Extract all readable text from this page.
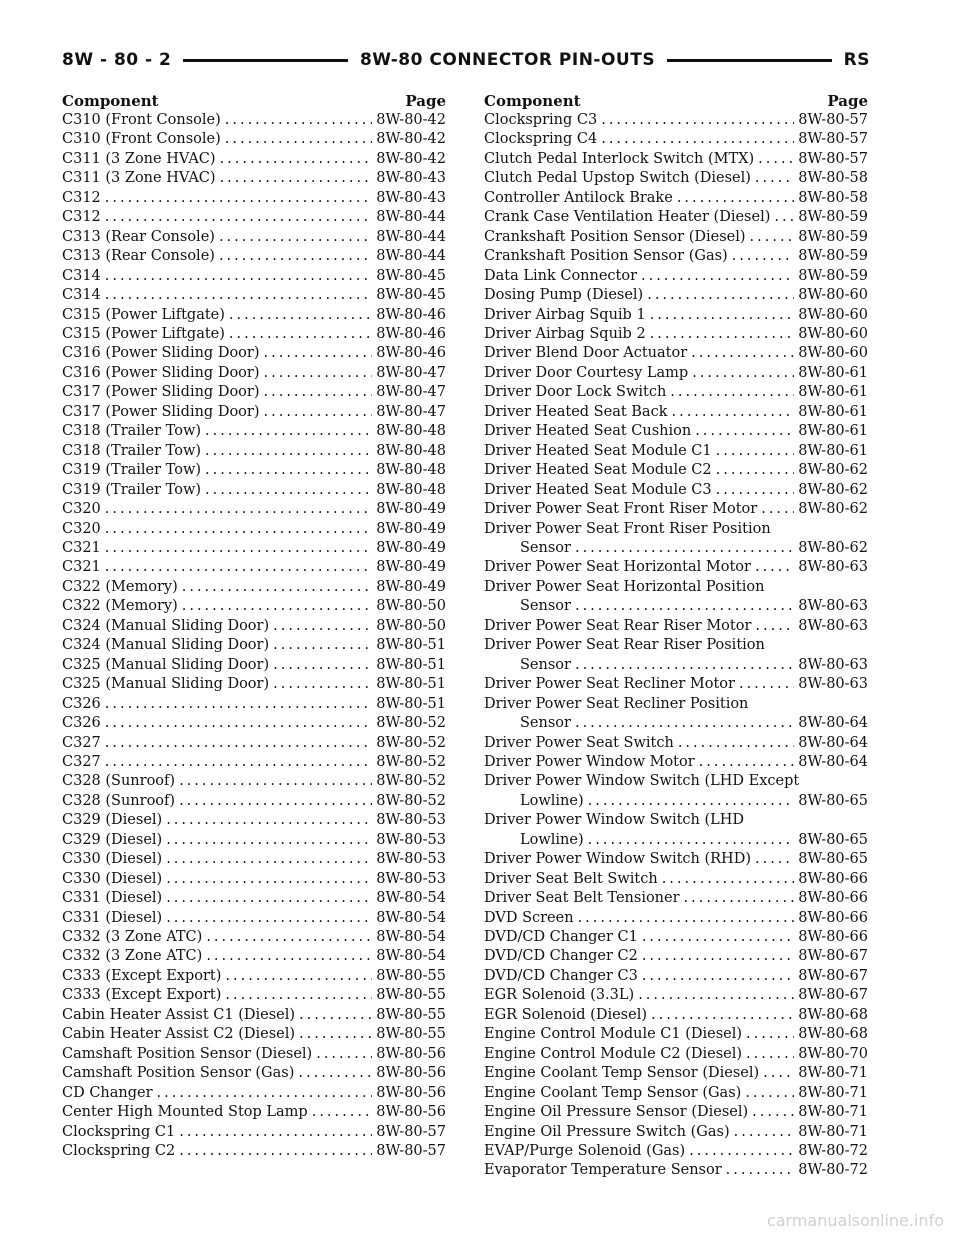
8W - 80 - 2	8W-80 CONNECTOR PIN-OUTS	RS
Component	Page
C310 (Front Console) .....	8W-80-42
C310 (Front Console) .....	8W-80-42
C311 (3 Zone HVAC) .....	8W-80-42
C311 (3 Zone HVAC) .....	8W-80-43
C312 .....	8W-80-43
C312 .....	8W-80-44
C313 (Rear Console) .....	8W-80-44
C313 (Rear Console) .....	8W-80-44
C314 .....	8W-80-45
C314 .....	8W-80-45
C315 (Power Liftgate) .....	8W-80-46
C315 (Power Liftgate) .....	8W-80-46
C316 (Power Sliding Door) .....	8W-80-46
C316 (Power Sliding Door) .....	8W-80-47
C317 (Power Sliding Door) .....	8W-80-47
C317 (Power Sliding Door) .....	8W-80-47
C318 (Trailer Tow) .....	8W-80-48
C318 (Trailer Tow) .....	8W-80-48
C319 (Trailer Tow) .....	8W-80-48
C319 (Trailer Tow) .....	8W-80-48
C320 .....	8W-80-49
C320 .....	8W-80-49
C321 .....	8W-80-49
C321 .....	8W-80-49
C322 (Memory) .....	8W-80-49
C322 (Memory) .....	8W-80-50
C324 (Manual Sliding Door) .....	8W-80-50
C324 (Manual Sliding Door) .....	8W-80-51
C325 (Manual Sliding Door) .....	8W-80-51
C325 (Manual Sliding Door) .....	8W-80-51
C326 .....	8W-80-51
C326 .....	8W-80-52
C327 .....	8W-80-52
C327 .....	8W-80-52
C328 (Sunroof) .....	8W-80-52
C328 (Sunroof) .....	8W-80-52
C329 (Diesel) .....	8W-80-53
C329 (Diesel) .....	8W-80-53
C330 (Diesel) .....	8W-80-53
C330 (Diesel) .....	8W-80-53
C331 (Diesel) .....	8W-80-54
C331 (Diesel) .....	8W-80-54
C332 (3 Zone ATC) .....	8W-80-54
C332 (3 Zone ATC) .....	8W-80-54
C333 (Except Export) .....	8W-80-55
C333 (Except Export) .....	8W-80-55
Cabin Heater Assist C1 (Diesel) .....	8W-80-55
Cabin Heater Assist C2 (Diesel) .....	8W-80-55
Camshaft Position Sensor (Diesel) .....	8W-80-56
Camshaft Position Sensor (Gas) .....	8W-80-56
CD Changer .....	8W-80-56
Center High Mounted Stop Lamp .....	8W-80-56
Clockspring C1 .....	8W-80-57
Clockspring C2 .....	8W-80-57
Component	Page
Clockspring C3 .....	8W-80-57
Clockspring C4 .....	8W-80-57
Clutch Pedal Interlock Switch (MTX) .....	8W-80-57
Clutch Pedal Upstop Switch (Diesel) .....	8W-80-58
Controller Antilock Brake .....	8W-80-58
Crank Case Ventilation Heater (Diesel) ..... 8W-80-59
Crankshaft Position Sensor (Diesel) .....	8W-80-59
Crankshaft Position Sensor (Gas) .....	8W-80-59
Data Link Connector .....	8W-80-59
Dosing Pump (Diesel) .....	8W-80-60
Driver Airbag Squib 1 .....	8W-80-60
Driver Airbag Squib 2 .....	8W-80-60
Driver Blend Door Actuator .....	8W-80-60
Driver Door Courtesy Lamp .....	8W-80-61
Driver Door Lock Switch .....	8W-80-61
Driver Heated Seat Back .....	8W-80-61
Driver Heated Seat Cushion .....	8W-80-61
Driver Heated Seat Module C1 .....	8W-80-61
Driver Heated Seat Module C2 .....	8W-80-62
Driver Heated Seat Module C3 .....	8W-80-62
Driver Power Seat Front Riser Motor .....	8W-80-62
Driver Power Seat Front Riser Position
Sensor .....	8W-80-62
Driver Power Seat Horizontal Motor .....	8W-80-63
Driver Power Seat Horizontal Position
Sensor .....	8W-80-63
Driver Power Seat Rear Riser Motor .....	8W-80-63
Driver Power Seat Rear Riser Position
Sensor .....	8W-80-63
Driver Power Seat Recliner Motor .....	8W-80-63
Driver Power Seat Recliner Position
Sensor .....	8W-80-64
Driver Power Seat Switch .....	8W-80-64
Driver Power Window Motor .....	8W-80-64
Driver Power Window Switch (LHD Except
Lowline) .....	8W-80-65
Driver Power Window Switch (LHD
Lowline) .....	8W-80-65
Driver Power Window Switch (RHD) .....	8W-80-65
Driver Seat Belt Switch .....	8W-80-66
Driver Seat Belt Tensioner .....	8W-80-66
DVD Screen .....	8W-80-66
DVD/CD Changer C1 .....	8W-80-66
DVD/CD Changer C2 .....	8W-80-67
DVD/CD Changer C3 .....	8W-80-67
EGR Solenoid (3.3L) .....	8W-80-67
EGR Solenoid (Diesel) .....	8W-80-68
Engine Control Module C1 (Diesel) .....	8W-80-68
Engine Control Module C2 (Diesel) .....	8W-80-70
Engine Coolant Temp Sensor (Diesel) .....	8W-80-71
Engine Coolant Temp Sensor (Gas) .....	8W-80-71
Engine Oil Pressure Sensor (Diesel) .....	8W-80-71
Engine Oil Pressure Switch (Gas) .....	8W-80-71
EVAP/Purge Solenoid (Gas) .....	8W-80-72
Evaporator Temperature Sensor .....	8W-80-72
carmanualsonline.info
